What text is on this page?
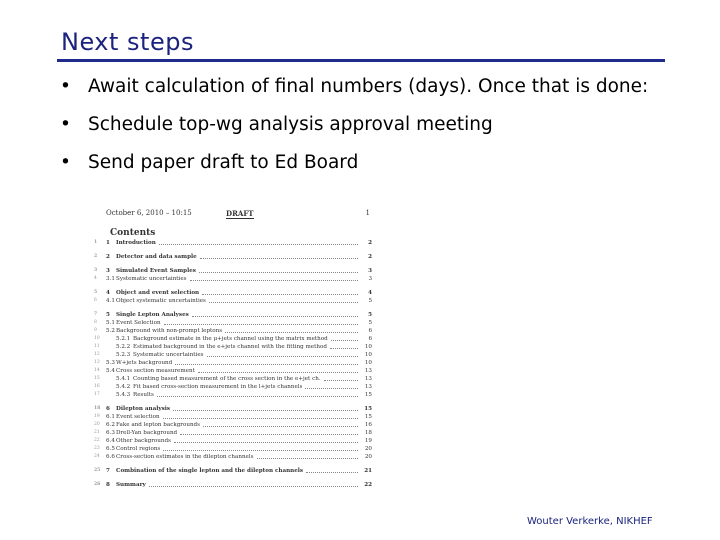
Next steps
• Await calculation of final numbers (days). Once that is done:
• Schedule top-wg analysis approval meeting
• Send paper draft to Ed Board
October 6, 2010 – 10:15	DRAFT	1
Contents
1	1 Introduction	2
2	2 Detector and data sample	2
3	3 Simulated Event Samples	3
4	3.1 Systematic uncertainties	3
5	4 Object and event selection	4
6	4.1 Object systematic uncertainties	5
7	5 Single Lepton Analyses	5
8	5.1 Event Selection	5
9	5.2 Background with non-prompt leptons	6
10	5.2.1 Background estimate in the μ+jets channel using the matrix method	6
11	5.2.2 Estimated background in the e+jets channel with the fitting method	10
12	5.2.3 Systematic uncertainties	10
13	5.3 W+jets background	10
14	5.4 Cross section measurement	13
15	5.4.1 Counting based measurement of the cross section in the e+jet ch.	13
16	5.4.2 Fit based cross-section measurement in the l+jets channels	13
17	5.4.3 Results	15
18	6 Dilepton analysis	15
19	6.1 Event selection	15
20	6.2 Fake and lepton backgrounds	16
21	6.3 Drell-Yan background	18
22	6.4 Other backgrounds	19
23	6.5 Control regions	20
24	6.6 Cross-section estimates in the dilepton channels	20
25	7 Combination of the single lepton and the dilepton channels	21
26	8 Summary	22
Wouter Verkerke, NIKHEF
